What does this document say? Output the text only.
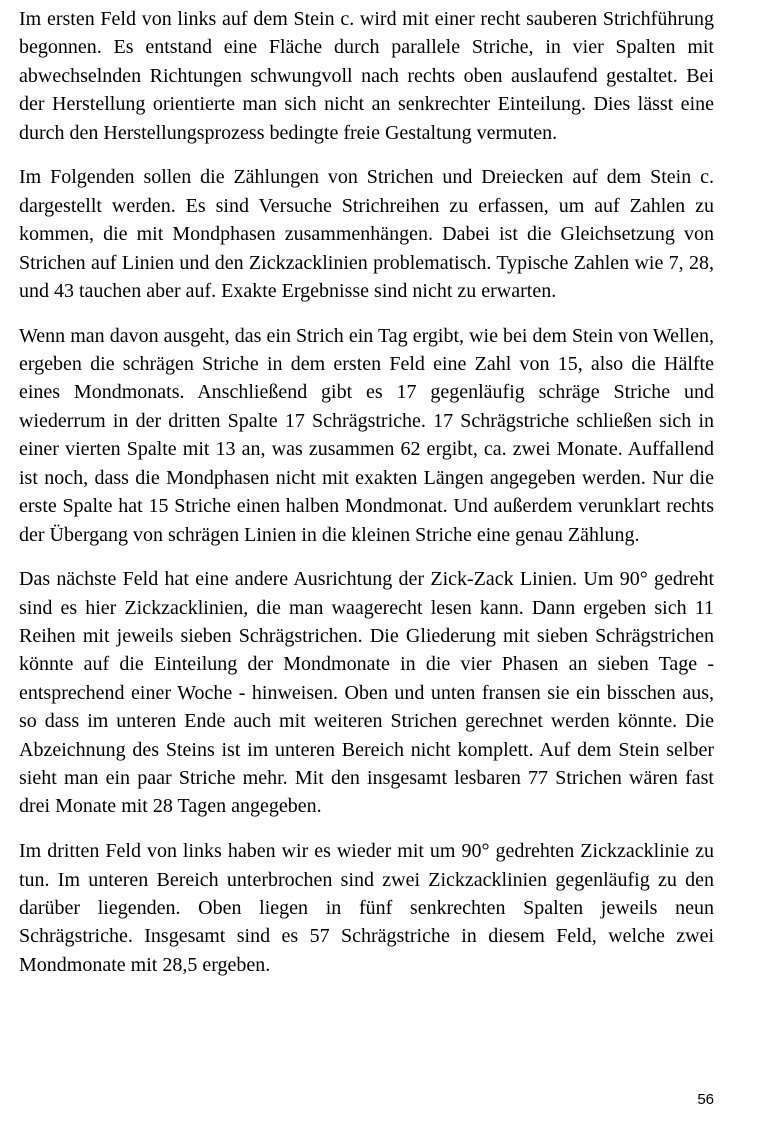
Im ersten Feld von links auf dem Stein c. wird mit einer recht sauberen Strichführung begonnen. Es entstand eine Fläche durch parallele Striche, in vier Spalten mit abwechselnden Richtungen schwungvoll nach rechts oben auslaufend gestaltet. Bei der Herstellung orientierte man sich nicht an senkrechter Einteilung. Dies lässt eine durch den Herstellungsprozess bedingte freie Gestaltung vermuten.

Im Folgenden sollen die Zählungen von Strichen und Dreiecken auf dem Stein c. dargestellt werden. Es sind Versuche Strichreihen zu erfassen, um auf Zahlen zu kommen, die mit Mondphasen zusammenhängen. Dabei ist die Gleichsetzung von Strichen auf Linien und den Zickzacklinien problematisch. Typische Zahlen wie 7, 28, und 43 tauchen aber auf. Exakte Ergebnisse sind nicht zu erwarten.

Wenn man davon ausgeht, das ein Strich ein Tag ergibt, wie bei dem Stein von Wellen, ergeben die schrägen Striche in dem ersten Feld eine Zahl von 15, also die Hälfte eines Mondmonats. Anschließend gibt es 17 gegenläufig schräge Striche und wiederrum in der dritten Spalte 17 Schrägstriche. 17 Schrägstriche schließen sich in einer vierten Spalte mit 13 an, was zusammen 62 ergibt, ca. zwei Monate. Auffallend ist noch, dass die Mondphasen nicht mit exakten Längen angegeben werden. Nur die erste Spalte hat 15 Striche einen halben Mondmonat. Und außerdem verunklart rechts der Übergang von schrägen Linien in die kleinen Striche eine genau Zählung.

Das nächste Feld hat eine andere Ausrichtung der Zick-Zack Linien. Um 90° gedreht sind es hier Zickzacklinien, die man waagerecht lesen kann. Dann ergeben sich 11 Reihen mit jeweils sieben Schrägstrichen. Die Gliederung mit sieben Schrägstrichen könnte auf die Einteilung der Mondmonate in die vier Phasen an sieben Tage - entsprechend einer Woche - hinweisen. Oben und unten fransen sie ein bisschen aus, so dass im unteren Ende auch mit weiteren Strichen gerechnet werden könnte. Die Abzeichnung des Steins ist im unteren Bereich nicht komplett. Auf dem Stein selber sieht man ein paar Striche mehr. Mit den insgesamt lesbaren 77 Strichen wären fast drei Monate mit 28 Tagen angegeben.

Im dritten Feld von links haben wir es wieder mit um 90° gedrehten Zickzacklinie zu tun. Im unteren Bereich unterbrochen sind zwei Zickzacklinien gegenläufig zu den darüber liegenden. Oben liegen in fünf senkrechten Spalten jeweils neun Schrägstriche. Insgesamt sind es 57 Schrägstriche in diesem Feld, welche zwei Mondmonate mit 28,5 ergeben.

56
